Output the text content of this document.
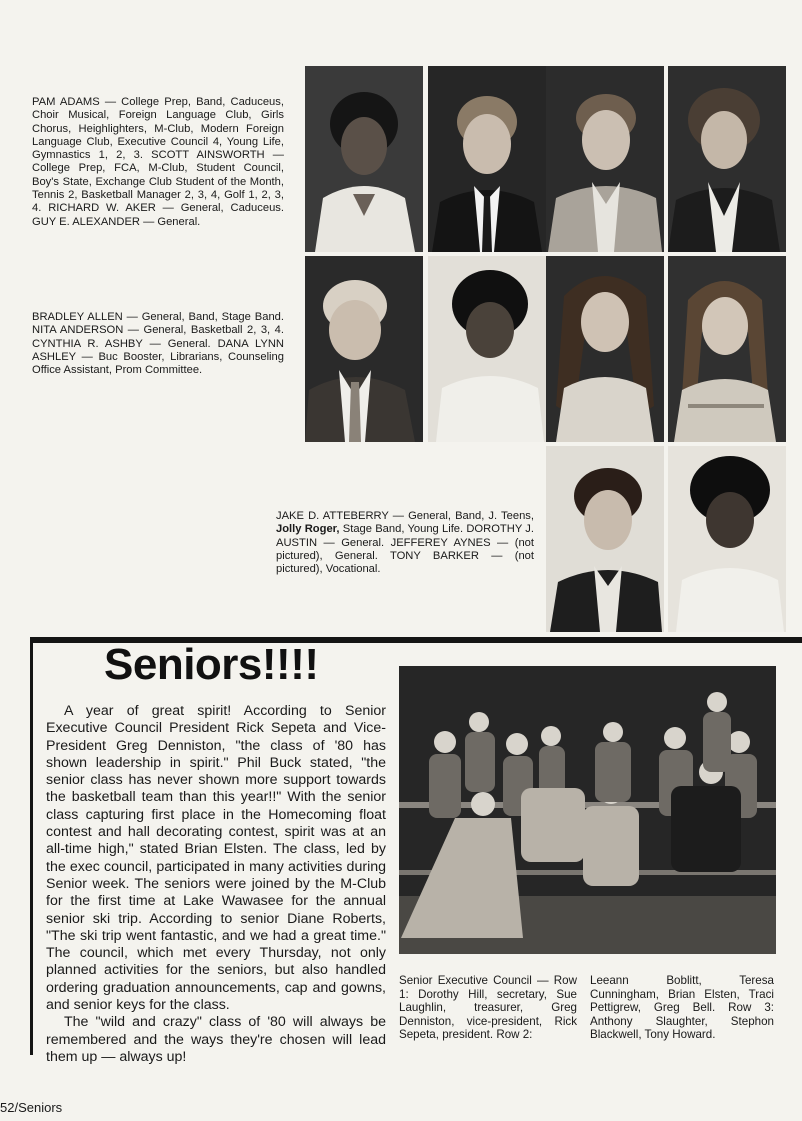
PAM ADAMS — College Prep, Band, Caduceus, Choir Musical, Foreign Language Club, Girls Chorus, Heighlighters, M-Club, Modern Foreign Language Club, Executive Council 4, Young Life, Gymnastics 1, 2, 3. SCOTT AINSWORTH — College Prep, FCA, M-Club, Student Council, Boy's State, Exchange Club Student of the Month, Tennis 2, Basketball Manager 2, 3, 4, Golf 1, 2, 3, 4. RICHARD W. AKER — General, Caduceus. GUY E. ALEXANDER — General.

BRADLEY ALLEN — General, Band, Stage Band. NITA ANDERSON — General, Basketball 2, 3, 4. CYNTHIA R. ASHBY — General. DANA LYNN ASHLEY — Buc Booster, Librarians, Counseling Office Assistant, Prom Committee.

JAKE D. ATTEBERRY — General, Band, J. Teens, Jolly Roger, Stage Band, Young Life. DOROTHY J. AUSTIN — General. JEFFEREY AYNES — (not pictured), General. TONY BARKER — (not pictured), Vocational.

Seniors!!!!

A year of great spirit! According to Senior Executive Council President Rick Sepeta and Vice-President Greg Denniston, "the class of '80 has shown leadership in spirit." Phil Buck stated, "the senior class has never shown more support towards the basketball team than this year!!" With the senior class capturing first place in the Homecoming float contest and hall decorating contest, spirit was at an all-time high," stated Brian Elsten. The class, led by the exec council, participated in many activities during Senior week. The seniors were joined by the M-Club for the first time at Lake Wawasee for the annual senior ski trip. According to senior Diane Roberts, "The ski trip went fantastic, and we had a great time." The council, which met every Thursday, not only planned activities for the seniors, but also handled ordering graduation announcements, cap and gowns, and senior keys for the class.

The "wild and crazy" class of '80 will always be remembered and the ways they're chosen will lead them up — always up!

Senior Executive Council — Row 1: Dorothy Hill, secretary, Sue Laughlin, treasurer, Greg Denniston, vice-president, Rick Sepeta, president. Row 2:

Leeann Boblitt, Teresa Cunningham, Brian Elsten, Traci Pettigrew, Greg Bell. Row 3: Anthony Slaughter, Stephon Blackwell, Tony Howard.

52/Seniors
